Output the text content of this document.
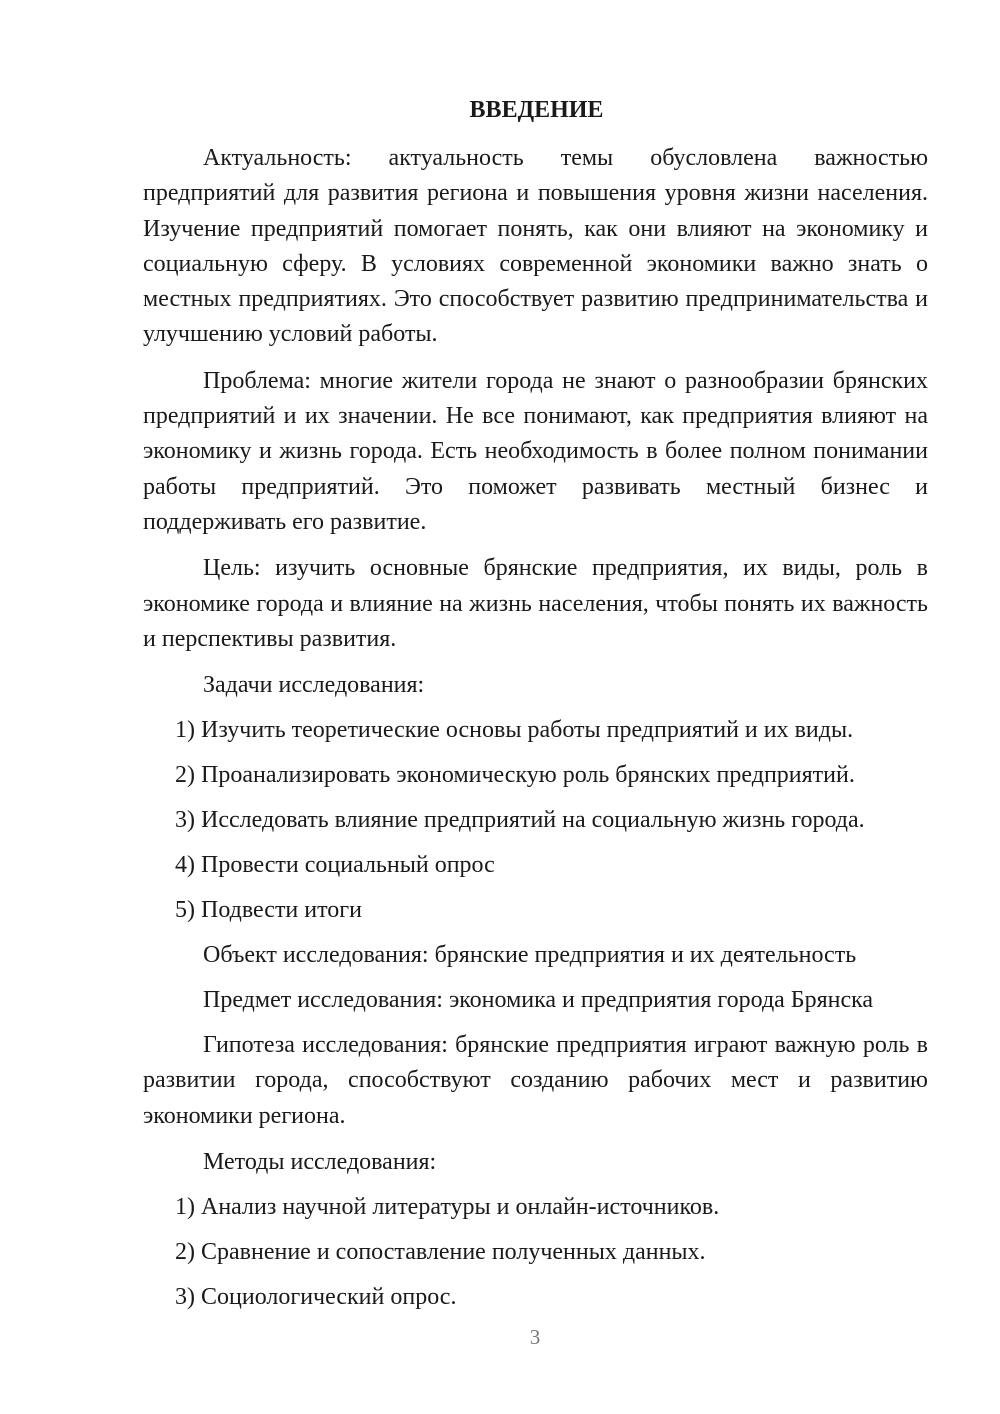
ВВЕДЕНИЕ

Актуальность: актуальность темы обусловлена важностью предприятий для развития региона и повышения уровня жизни населения. Изучение предприятий помогает понять, как они влияют на экономику и социальную сферу. В условиях современной экономики важно знать о местных предприятиях. Это способствует развитию предпринимательства и улучшению условий работы.

Проблема: многие жители города не знают о разнообразии брянских предприятий и их значении. Не все понимают, как предприятия влияют на экономику и жизнь города. Есть необходимость в более полном понимании работы предприятий. Это поможет развивать местный бизнес и поддерживать его развитие.

Цель: изучить основные брянские предприятия, их виды, роль в экономике города и влияние на жизнь населения, чтобы понять их важность и перспективы развития.

Задачи исследования:

1) Изучить теоретические основы работы предприятий и их виды.

2) Проанализировать экономическую роль брянских предприятий.

3) Исследовать влияние предприятий на социальную жизнь города.

4) Провести социальный опрос

5) Подвести итоги

Объект исследования: брянские предприятия и их деятельность

Предмет исследования: экономика и предприятия города Брянска

Гипотеза исследования: брянские предприятия играют важную роль в развитии города, способствуют созданию рабочих мест и развитию экономики региона.

Методы исследования:

1) Анализ научной литературы и онлайн-источников.

2) Сравнение и сопоставление полученных данных.

3) Социологический опрос.

3
